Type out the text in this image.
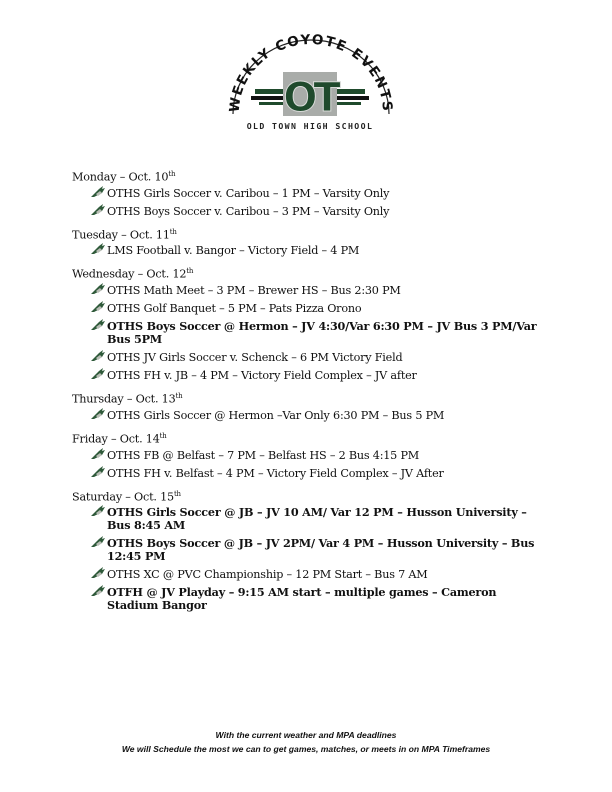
WEEKLY COYOTE EVENTS
OT
OLD TOWN HIGH SCHOOL
Monday – Oct. 10th
OTHS Girls Soccer v. Caribou – 1 PM – Varsity Only
OTHS Boys Soccer v. Caribou – 3 PM – Varsity Only
Tuesday – Oct. 11th
LMS Football v. Bangor – Victory Field – 4 PM
Wednesday – Oct. 12th
OTHS Math Meet – 3 PM – Brewer HS – Bus 2:30 PM
OTHS Golf Banquet – 5 PM – Pats Pizza Orono
OTHS Boys Soccer @ Hermon – JV 4:30/Var 6:30 PM – JV Bus 3 PM/Var Bus 5PM
OTHS JV Girls Soccer v. Schenck – 6 PM Victory Field
OTHS FH v. JB – 4 PM – Victory Field Complex – JV after
Thursday – Oct. 13th
OTHS Girls Soccer @ Hermon –Var Only 6:30 PM – Bus 5 PM
Friday – Oct. 14th
OTHS FB @ Belfast – 7 PM – Belfast HS – 2 Bus 4:15 PM
OTHS FH v. Belfast – 4 PM – Victory Field Complex – JV After
Saturday – Oct. 15th
OTHS Girls Soccer @ JB – JV 10 AM/ Var 12 PM – Husson University – Bus 8:45 AM
OTHS Boys Soccer @ JB – JV 2PM/ Var 4 PM – Husson University – Bus 12:45 PM
OTHS XC @ PVC Championship – 12 PM Start – Bus 7 AM
OTFH @ JV Playday – 9:15 AM start – multiple games – Cameron Stadium Bangor
With the current weather and MPA deadlines
We will Schedule the most we can to get games, matches, or meets in on MPA Timeframes
